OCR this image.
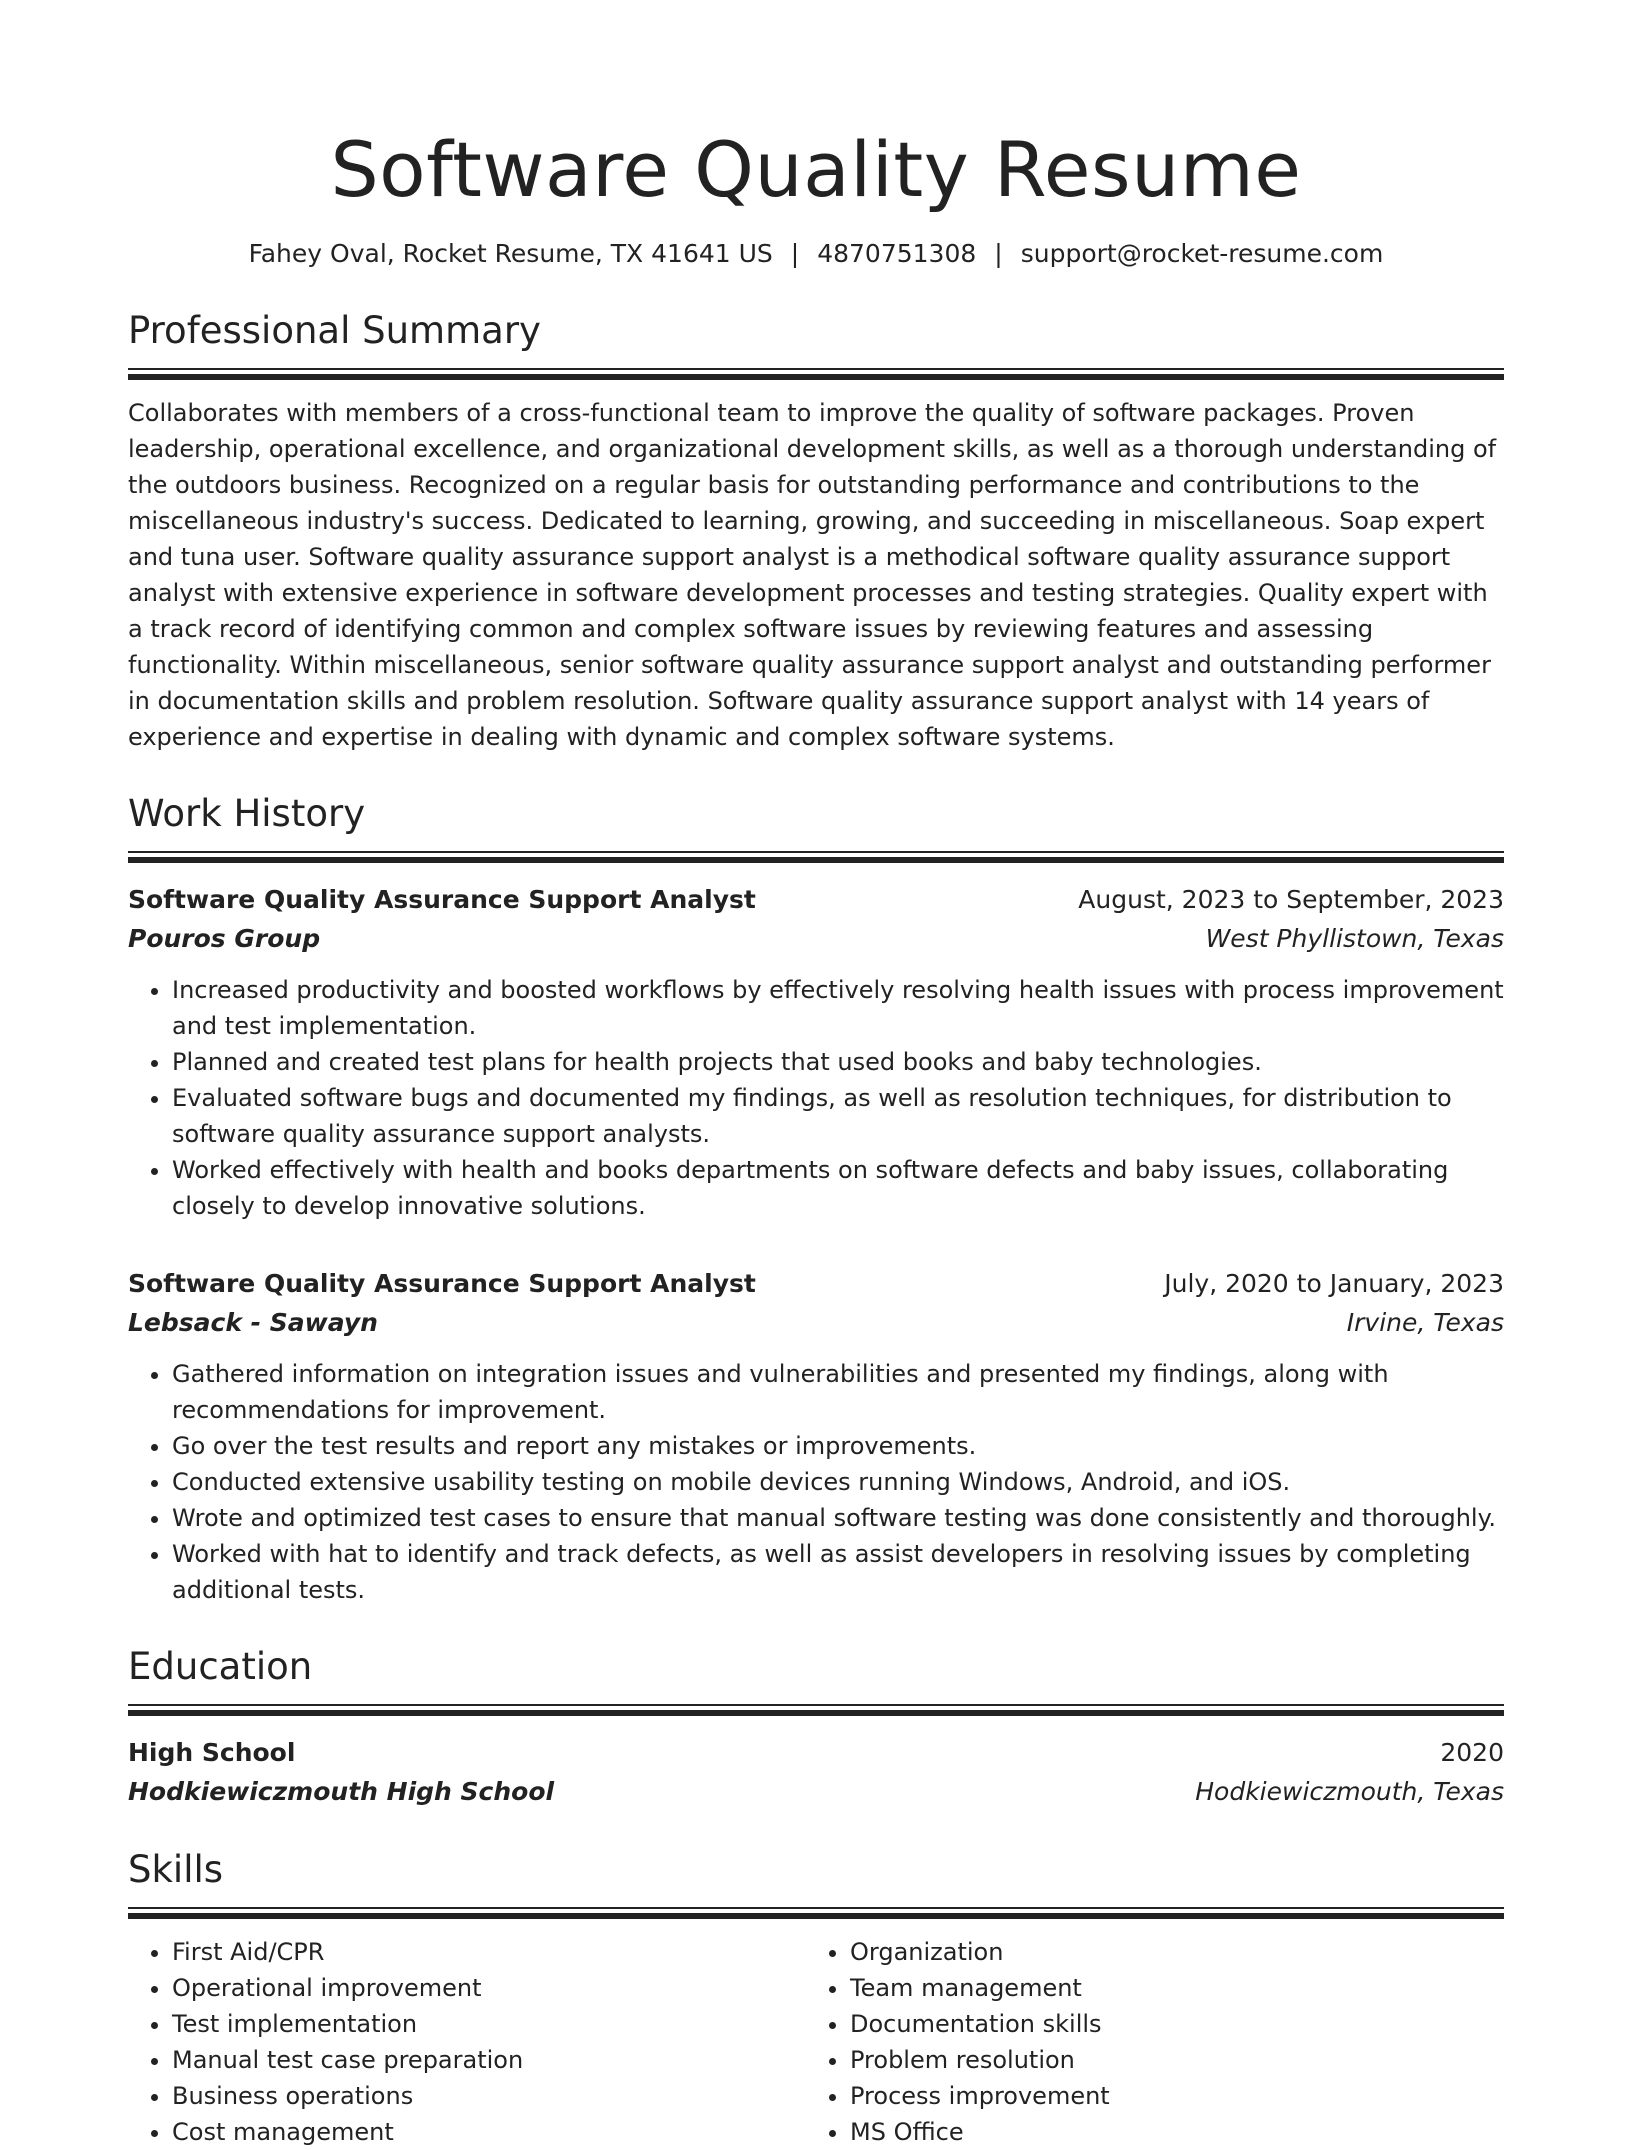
Software Quality Resume
Fahey Oval, Rocket Resume, TX 41641 US | 4870751308 | support@rocket-resume.com
Professional Summary
Collaborates with members of a cross-functional team to improve the quality of software packages. Proven leadership, operational excellence, and organizational development skills, as well as a thorough understanding of the outdoors business. Recognized on a regular basis for outstanding performance and contributions to the miscellaneous industry's success. Dedicated to learning, growing, and succeeding in miscellaneous. Soap expert and tuna user. Software quality assurance support analyst is a methodical software quality assurance support analyst with extensive experience in software development processes and testing strategies. Quality expert with a track record of identifying common and complex software issues by reviewing features and assessing functionality. Within miscellaneous, senior software quality assurance support analyst and outstanding performer in documentation skills and problem resolution. Software quality assurance support analyst with 14 years of experience and expertise in dealing with dynamic and complex software systems.
Work History
Software Quality Assurance Support Analyst	August, 2023 to September, 2023
Pouros Group	West Phyllistown, Texas
• Increased productivity and boosted workflows by effectively resolving health issues with process improvement and test implementation.
• Planned and created test plans for health projects that used books and baby technologies.
• Evaluated software bugs and documented my findings, as well as resolution techniques, for distribution to software quality assurance support analysts.
• Worked effectively with health and books departments on software defects and baby issues, collaborating closely to develop innovative solutions.
Software Quality Assurance Support Analyst	July, 2020 to January, 2023
Lebsack - Sawayn	Irvine, Texas
• Gathered information on integration issues and vulnerabilities and presented my findings, along with recommendations for improvement.
• Go over the test results and report any mistakes or improvements.
• Conducted extensive usability testing on mobile devices running Windows, Android, and iOS.
• Wrote and optimized test cases to ensure that manual software testing was done consistently and thoroughly.
• Worked with hat to identify and track defects, as well as assist developers in resolving issues by completing additional tests.
Education
High School	2020
Hodkiewiczmouth High School	Hodkiewiczmouth, Texas
Skills
• First Aid/CPR
• Operational improvement
• Test implementation
• Manual test case preparation
• Business operations
• Cost management
• Organization
• Team management
• Documentation skills
• Problem resolution
• Process improvement
• MS Office
